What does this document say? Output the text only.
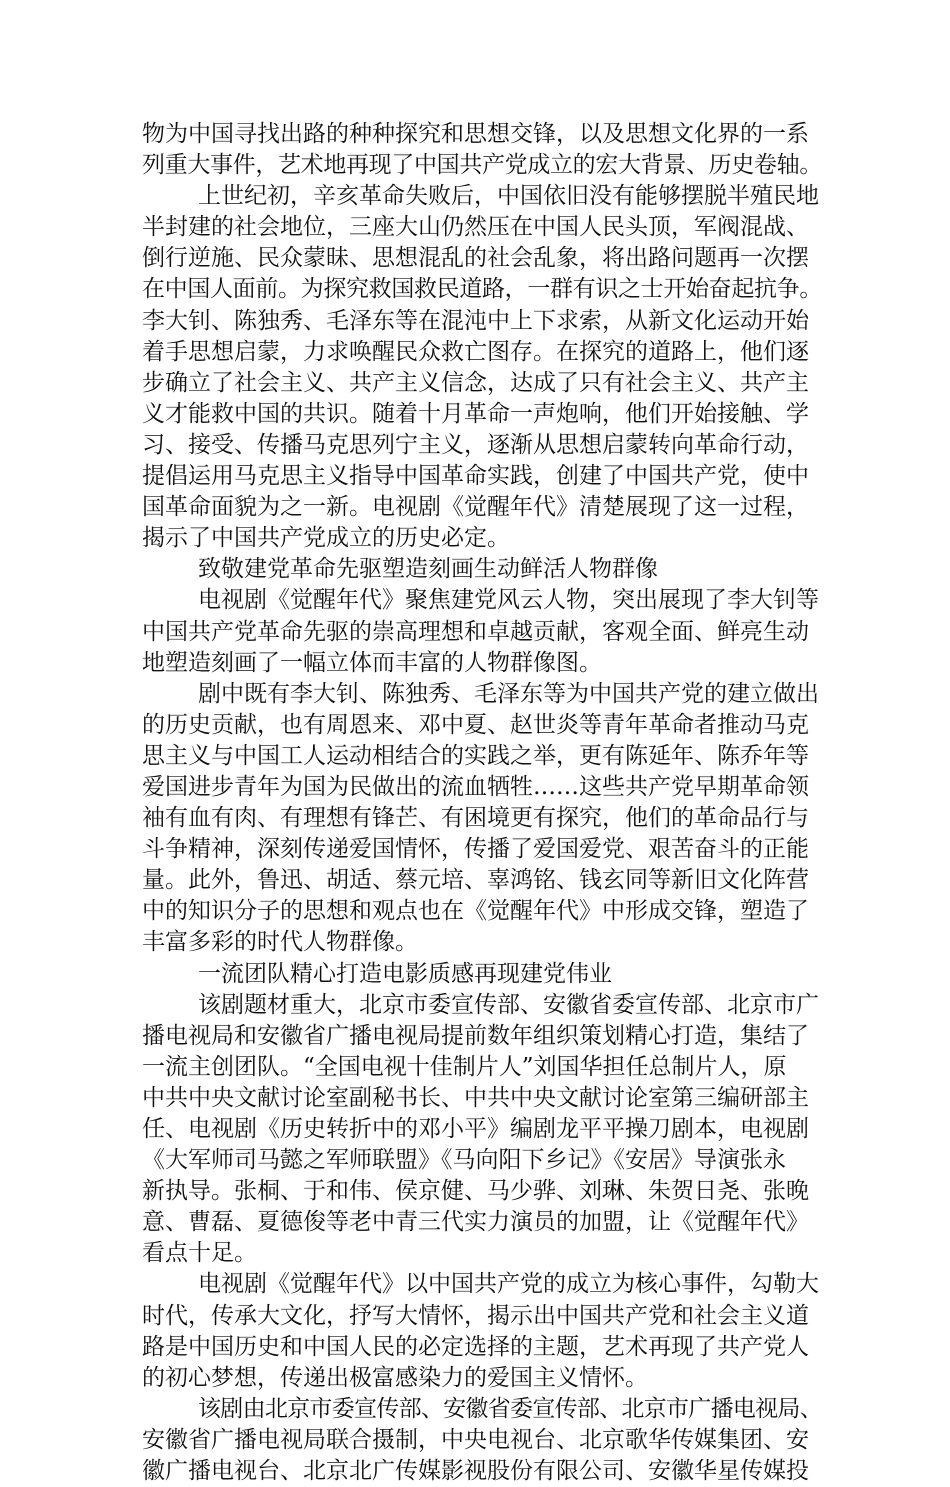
物为中国寻找出路的种种探究和思想交锋，以及思想文化界的一系
列重大事件，艺术地再现了中国共产党成立的宏大背景、历史卷轴。
上世纪初，辛亥革命失败后，中国依旧没有能够摆脱半殖民地
半封建的社会地位，三座大山仍然压在中国人民头顶，军阀混战、
倒行逆施、民众蒙昧、思想混乱的社会乱象，将出路问题再一次摆
在中国人面前。为探究救国救民道路，一群有识之士开始奋起抗争。
李大钊、陈独秀、毛泽东等在混沌中上下求索，从新文化运动开始
着手思想启蒙，力求唤醒民众救亡图存。在探究的道路上，他们逐
步确立了社会主义、共产主义信念，达成了只有社会主义、共产主
义才能救中国的共识。随着十月革命一声炮响，他们开始接触、学
习、接受、传播马克思列宁主义，逐渐从思想启蒙转向革命行动，
提倡运用马克思主义指导中国革命实践，创建了中国共产党，使中
国革命面貌为之一新。电视剧《觉醒年代》清楚展现了这一过程，
揭示了中国共产党成立的历史必定。
致敬建党革命先驱塑造刻画生动鲜活人物群像
电视剧《觉醒年代》聚焦建党风云人物，突出展现了李大钊等
中国共产党革命先驱的崇高理想和卓越贡献，客观全面、鲜亮生动
地塑造刻画了一幅立体而丰富的人物群像图。
剧中既有李大钊、陈独秀、毛泽东等为中国共产党的建立做出
的历史贡献，也有周恩来、邓中夏、赵世炎等青年革命者推动马克
思主义与中国工人运动相结合的实践之举，更有陈延年、陈乔年等
爱国进步青年为国为民做出的流血牺牲……这些共产党早期革命领
袖有血有肉、有理想有锋芒、有困境更有探究，他们的革命品行与
斗争精神，深刻传递爱国情怀，传播了爱国爱党、艰苦奋斗的正能
量。此外，鲁迅、胡适、蔡元培、辜鸿铭、钱玄同等新旧文化阵营
中的知识分子的思想和观点也在《觉醒年代》中形成交锋，塑造了
丰富多彩的时代人物群像。
一流团队精心打造电影质感再现建党伟业
该剧题材重大，北京市委宣传部、安徽省委宣传部、北京市广
播电视局和安徽省广播电视局提前数年组织策划精心打造，集结了
一流主创团队。“全国电视十佳制片人”刘国华担任总制片人，原
中共中央文献讨论室副秘书长、中共中央文献讨论室第三编研部主
任、电视剧《历史转折中的邓小平》编剧龙平平操刀剧本，电视剧
《大军师司马懿之军师联盟》《马向阳下乡记》《安居》导演张永
新执导。张桐、于和伟、侯京健、马少骅、刘琳、朱贺日尧、张晚
意、曹磊、夏德俊等老中青三代实力演员的加盟，让《觉醒年代》
看点十足。
电视剧《觉醒年代》以中国共产党的成立为核心事件，勾勒大
时代，传承大文化，抒写大情怀，揭示出中国共产党和社会主义道
路是中国历史和中国人民的必定选择的主题，艺术再现了共产党人
的初心梦想，传递出极富感染力的爱国主义情怀。
该剧由北京市委宣传部、安徽省委宣传部、北京市广播电视局、
安徽省广播电视局联合摄制，中央电视台、北京歌华传媒集团、安
徽广播电视台、北京北广传媒影视股份有限公司、安徽华星传媒投
